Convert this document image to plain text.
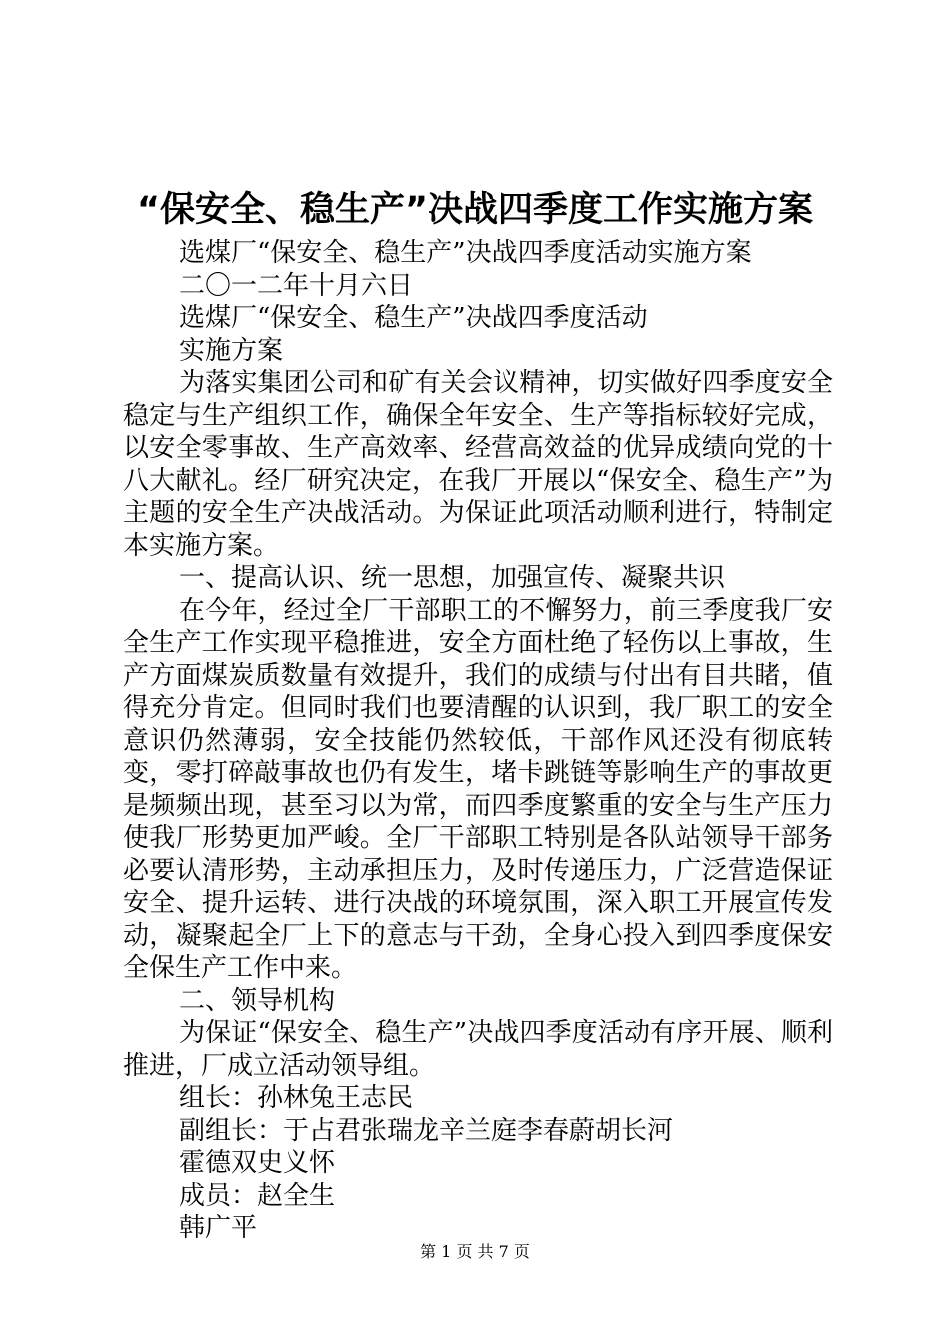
“保安全、稳生产”决战四季度工作实施方案
选煤厂“保安全、稳生产”决战四季度活动实施方案
二〇一二年十月六日
选煤厂“保安全、稳生产”决战四季度活动
实施方案
为落实集团公司和矿有关会议精神，切实做好四季度安全稳定与生产组织工作，确保全年安全、生产等指标较好完成，以安全零事故、生产高效率、经营高效益的优异成绩向党的十八大献礼。经厂研究决定，在我厂开展以“保安全、稳生产”为主题的安全生产决战活动。为保证此项活动顺利进行，特制定本实施方案。
一、提高认识、统一思想，加强宣传、凝聚共识
在今年，经过全厂干部职工的不懈努力，前三季度我厂安全生产工作实现平稳推进，安全方面杜绝了轻伤以上事故，生产方面煤炭质数量有效提升，我们的成绩与付出有目共睹，值得充分肯定。但同时我们也要清醒的认识到，我厂职工的安全意识仍然薄弱，安全技能仍然较低，干部作风还没有彻底转变，零打碎敲事故也仍有发生，堵卡跳链等影响生产的事故更是频频出现，甚至习以为常，而四季度繁重的安全与生产压力使我厂形势更加严峻。全厂干部职工特别是各队站领导干部务必要认清形势，主动承担压力，及时传递压力，广泛营造保证安全、提升运转、进行决战的环境氛围，深入职工开展宣传发动，凝聚起全厂上下的意志与干劲，全身心投入到四季度保安全保生产工作中来。
二、领导机构
为保证“保安全、稳生产”决战四季度活动有序开展、顺利推进，厂成立活动领导组。
组长：孙林兔王志民
副组长：于占君张瑞龙辛兰庭李春蔚胡长河
霍德双史义怀
成员：赵全生
韩广平
第 1 页 共 7 页
